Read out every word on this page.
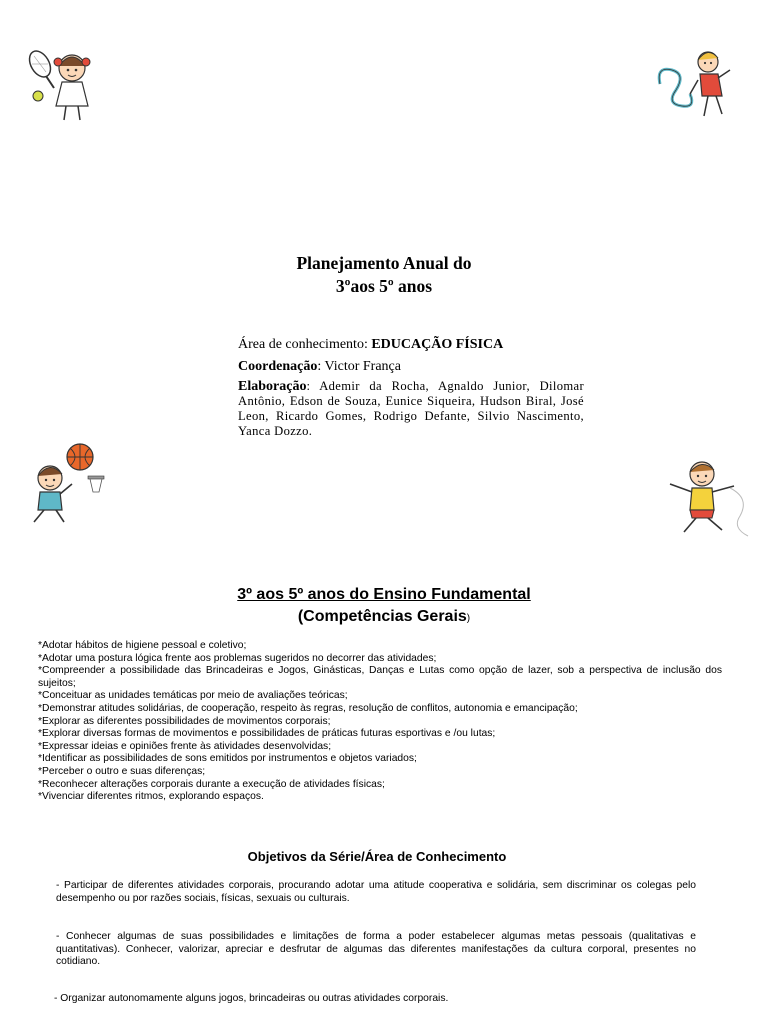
Planejamento Anual do
3ºaos 5º anos

Área de conhecimento: EDUCAÇÃO FÍSICA

Coordenação: Victor França

Elaboração: Ademir da Rocha, Agnaldo Junior, Dilomar Antônio, Edson de Souza, Eunice Siqueira, Hudson Biral, José Leon, Ricardo Gomes, Rodrigo Defante, Silvio Nascimento, Yanca Dozzo.

3º aos 5º anos do Ensino Fundamental
(Competências Gerais)
*Adotar hábitos de higiene pessoal e coletivo;
*Adotar uma postura lógica frente aos problemas sugeridos no decorrer das atividades;
*Compreender a possibilidade das Brincadeiras e Jogos, Ginásticas, Danças e Lutas como opção de lazer, sob a perspectiva de inclusão dos sujeitos;
*Conceituar as unidades temáticas por meio de avaliações teóricas;
*Demonstrar atitudes solidárias, de cooperação, respeito às regras, resolução de conflitos, autonomia e emancipação;
*Explorar as diferentes possibilidades de movimentos corporais;
*Explorar diversas formas de movimentos e possibilidades de práticas futuras esportivas e /ou lutas;
*Expressar ideias e opiniões frente às atividades desenvolvidas;
*Identificar as possibilidades de sons emitidos por instrumentos e objetos variados;
*Perceber o outro e suas diferenças;
*Reconhecer alterações corporais durante a execução de atividades físicas;
*Vivenciar diferentes ritmos, explorando espaços.
Objetivos da Série/Área de Conhecimento

- Participar de diferentes atividades corporais, procurando adotar uma atitude cooperativa e solidária, sem discriminar os colegas pelo desempenho ou por razões sociais, físicas, sexuais ou culturais.

- Conhecer algumas de suas possibilidades e limitações de forma a poder estabelecer algumas metas pessoais (qualitativas e quantitativas). Conhecer, valorizar, apreciar e desfrutar de algumas das diferentes manifestações da cultura corporal, presentes no cotidiano.

- Organizar autonomamente alguns jogos, brincadeiras ou outras atividades corporais.
